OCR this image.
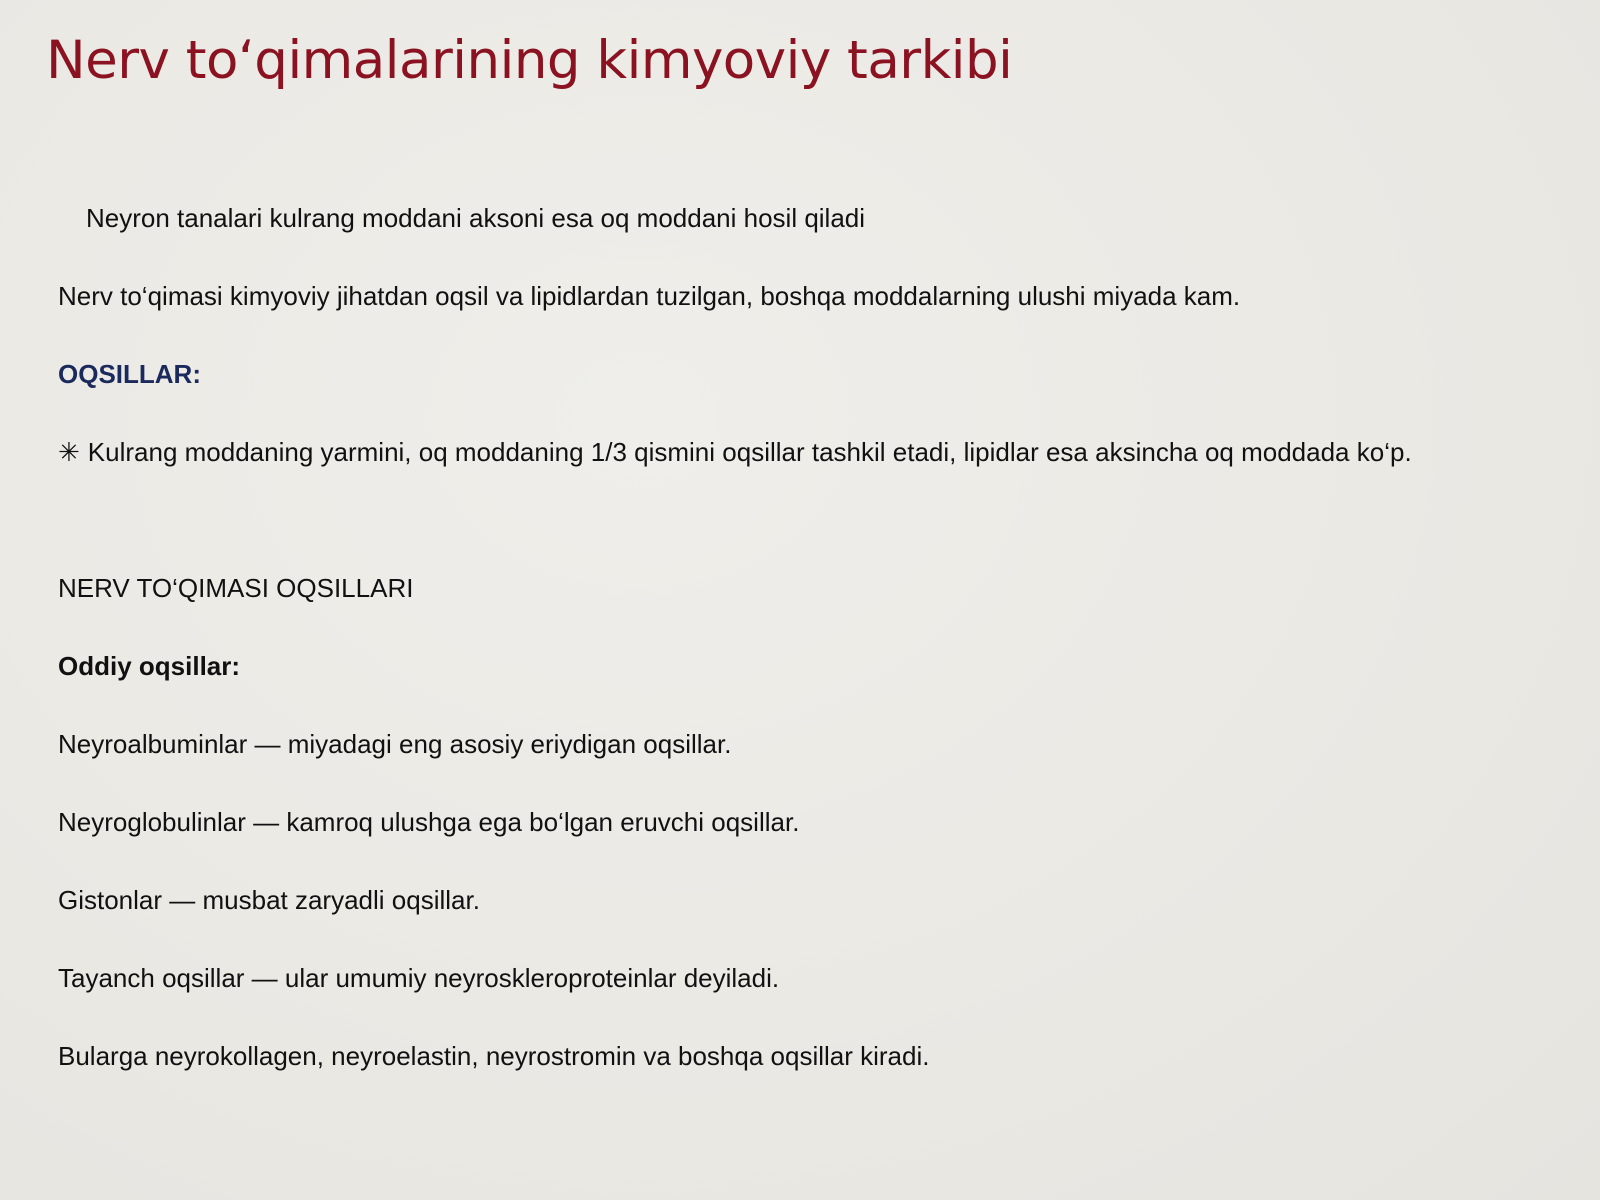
Nerv to‘qimalarining kimyoviy tarkibi
Neyron tanalari kulrang moddani aksoni esa oq moddani hosil qiladi
Nerv to‘qimasi kimyoviy jihatdan oqsil va lipidlardan tuzilgan, boshqa moddalarning ulushi miyada kam.
OQSILLAR:
✳ Kulrang moddaning yarmini, oq moddaning 1/3 qismini oqsillar tashkil etadi, lipidlar esa aksincha oq moddada ko‘p.
NERV TO‘QIMASI OQSILLARI
Oddiy oqsillar:
Neyroalbuminlar — miyadagi eng asosiy eriydigan oqsillar.
Neyroglobulinlar — kamroq ulushga ega bo‘lgan eruvchi oqsillar.
Gistonlar — musbat zaryadli oqsillar.
Tayanch oqsillar — ular umumiy neyroskleroproteinlar deyiladi.
Bularga neyrokollagen, neyroelastin, neyrostromin va boshqa oqsillar kiradi.
